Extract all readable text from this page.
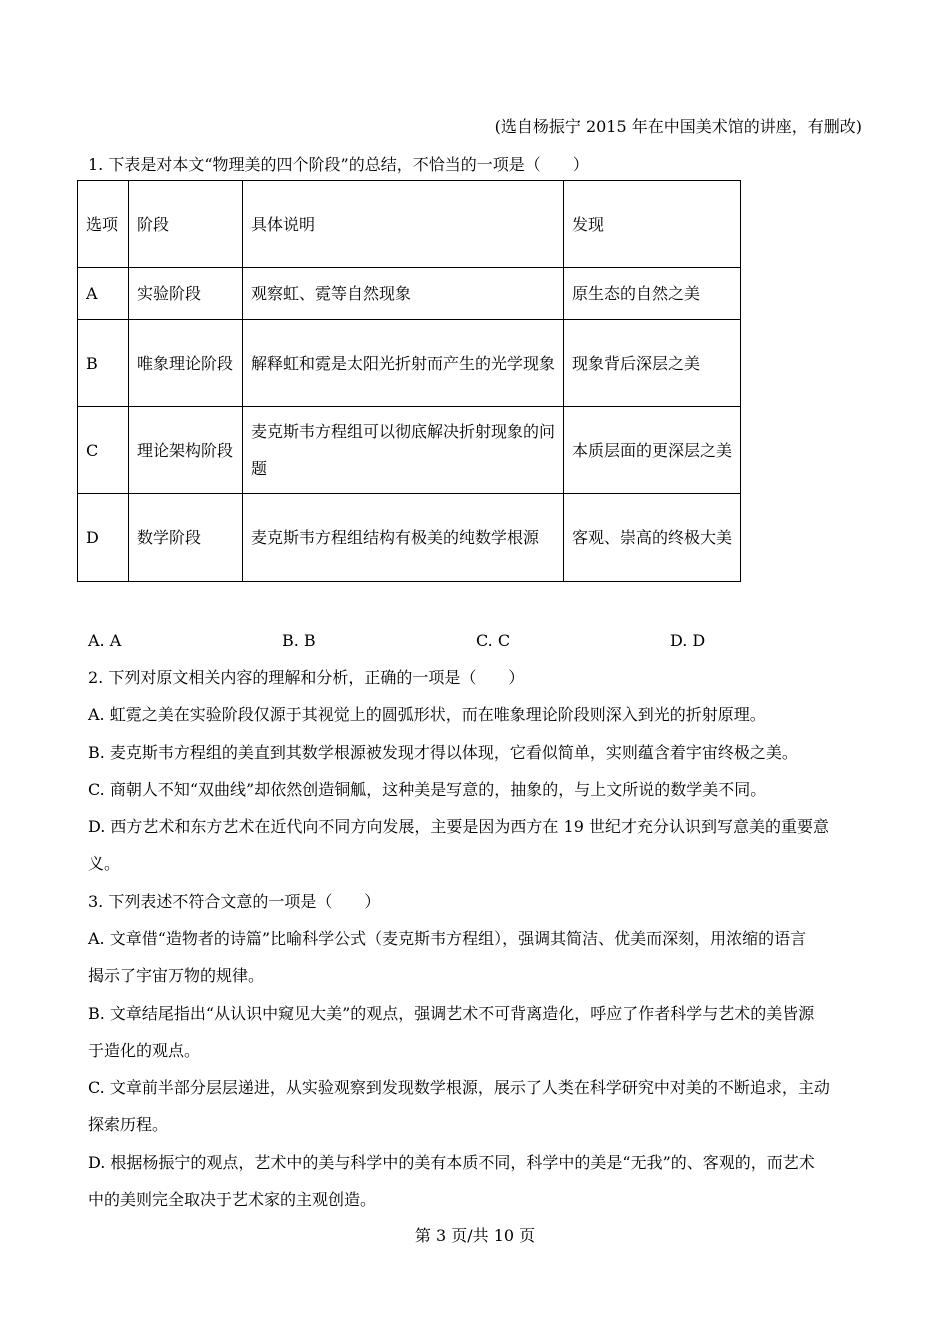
(选自杨振宁 2015 年在中国美术馆的讲座，有删改)
1. 下表是对本文“物理美的四个阶段”的总结，不恰当的一项是（　　）
选项	阶段	具体说明	发现
A	实验阶段	观察虹、霓等自然现象	原生态的自然之美
B	唯象理论阶段	解释虹和霓是太阳光折射而产生的光学现象	现象背后深层之美
C	理论架构阶段	麦克斯韦方程组可以彻底解决折射现象的问题	本质层面的更深层之美
D	数学阶段	麦克斯韦方程组结构有极美的纯数学根源	客观、崇高的终极大美
A. A	B. B	C. C	D. D
2. 下列对原文相关内容的理解和分析，正确的一项是（　　）
A. 虹霓之美在实验阶段仅源于其视觉上的圆弧形状，而在唯象理论阶段则深入到光的折射原理。
B. 麦克斯韦方程组的美直到其数学根源被发现才得以体现，它看似简单，实则蕴含着宇宙终极之美。
C. 商朝人不知“双曲线”却依然创造铜觚，这种美是写意的，抽象的，与上文所说的数学美不同。
D. 西方艺术和东方艺术在近代向不同方向发展，主要是因为西方在 19 世纪才充分认识到写意美的重要意
义。
3. 下列表述不符合文意的一项是（　　）
A. 文章借“造物者的诗篇”比喻科学公式（麦克斯韦方程组），强调其简洁、优美而深刻，用浓缩的语言
揭示了宇宙万物的规律。
B. 文章结尾指出“从认识中窥见大美”的观点，强调艺术不可背离造化，呼应了作者科学与艺术的美皆源
于造化的观点。
C. 文章前半部分层层递进，从实验观察到发现数学根源，展示了人类在科学研究中对美的不断追求，主动
探索历程。
D. 根据杨振宁的观点，艺术中的美与科学中的美有本质不同，科学中的美是“无我”的、客观的，而艺术
中的美则完全取决于艺术家的主观创造。
第 3 页/共 10 页
